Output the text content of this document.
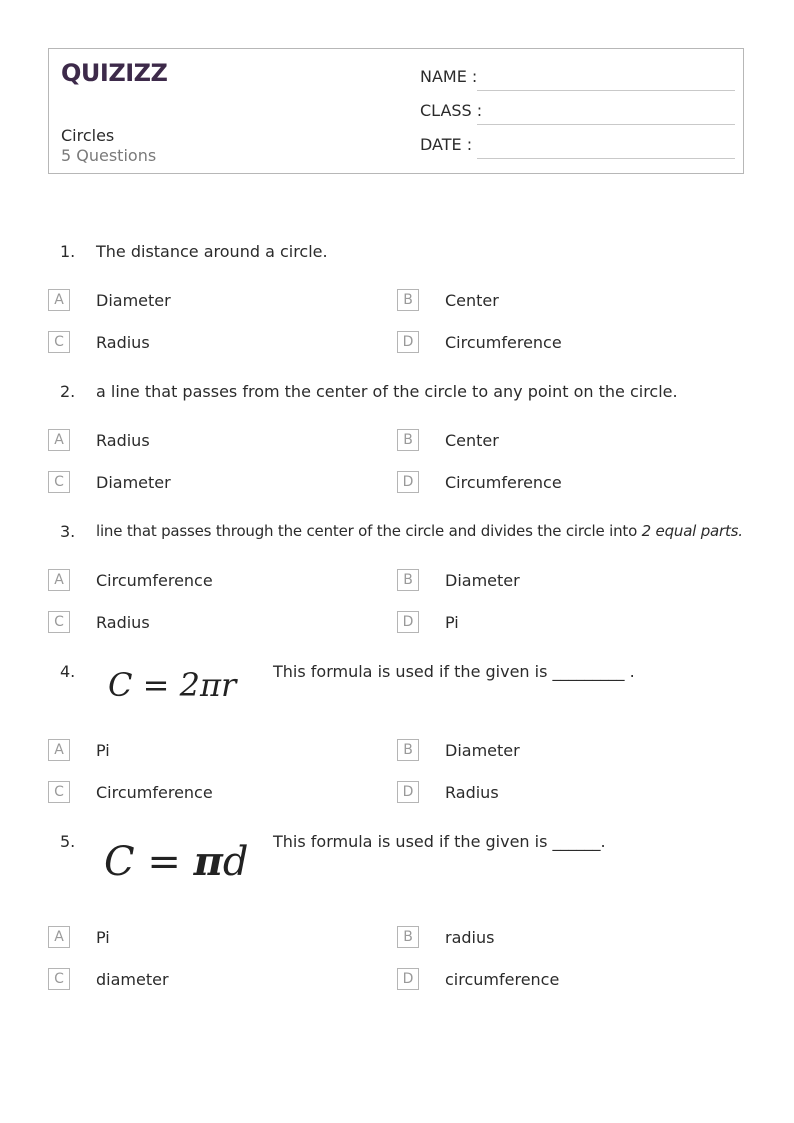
QUIZIZZ
Circles
5 Questions
NAME :
CLASS :
DATE :
1. The distance around a circle.
A	Diameter	B	Center
C	Radius	D	Circumference
2. a line that passes from the center of the circle to any point on the circle.
A	Radius	B	Center
C	Diameter	D	Circumference
3. line that passes through the center of the circle and divides the circle into 2 equal parts.
A	Circumference	B	Diameter
C	Radius	D	Pi
4. C = 2πr This formula is used if the given is _________ .
A	Pi	B	Diameter
C	Circumference	D	Radius
5. C = πd This formula is used if the given is ______.
A	Pi	B	radius
C	diameter	D	circumference
